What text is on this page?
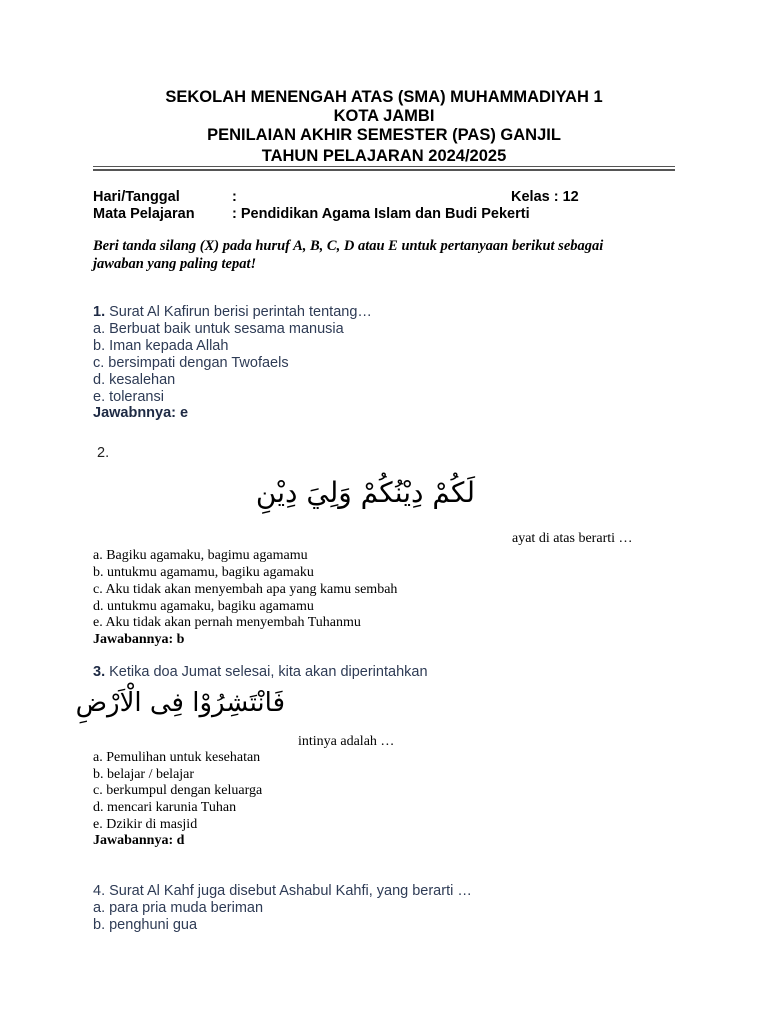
SEKOLAH MENENGAH ATAS (SMA) MUHAMMADIYAH 1
KOTA JAMBI
PENILAIAN AKHIR SEMESTER (PAS) GANJIL
TAHUN PELAJARAN 2024/2025
Hari/Tanggal	:	Kelas : 12
Mata Pelajaran	: Pendidikan Agama Islam dan Budi Pekerti
Beri tanda silang (X) pada huruf A, B, C, D atau E untuk pertanyaan berikut sebagai
jawaban yang paling tepat!
1. Surat Al Kafirun berisi perintah tentang…
a. Berbuat baik untuk sesama manusia
b. Iman kepada Allah
c. bersimpati dengan Twofaels
d. kesalehan
e. toleransi
Jawabnnya: e
2.
لَكُمْ دِيْنُكُمْ وَلِيَ دِيْنِ
ayat di atas berarti …
a. Bagiku agamaku, bagimu agamamu
b. untukmu agamamu, bagiku agamaku
c. Aku tidak akan menyembah apa yang kamu sembah
d. untukmu agamaku, bagiku agamamu
e. Aku tidak akan pernah menyembah Tuhanmu
Jawabannya: b
3. Ketika doa Jumat selesai, kita akan diperintahkan
فَانْتَشِرُوْا فِى الْاَرْضِ
intinya adalah …
a. Pemulihan untuk kesehatan
b. belajar / belajar
c. berkumpul dengan keluarga
d. mencari karunia Tuhan
e. Dzikir di masjid
Jawabannya: d
4. Surat Al Kahf juga disebut Ashabul Kahfi, yang berarti …
a. para pria muda beriman
b. penghuni gua
